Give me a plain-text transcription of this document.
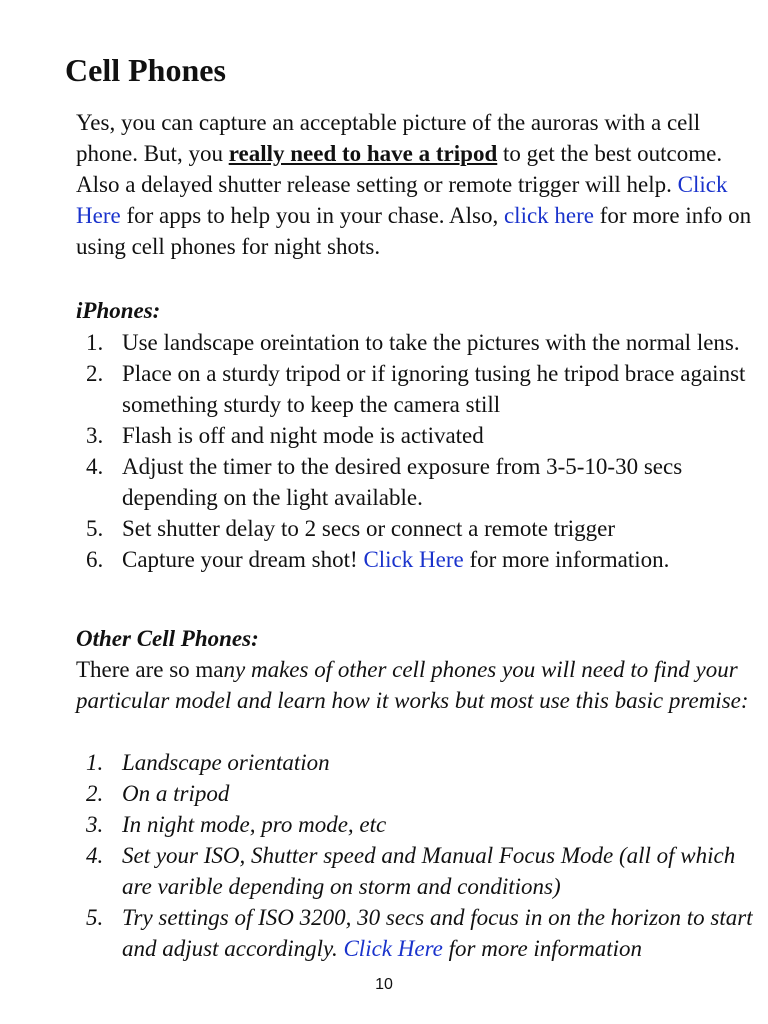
Cell Phones

Yes, you can capture an acceptable picture of the auroras with a cell phone. But, you really need to have a tripod to get the best outcome. Also a delayed shutter release setting or remote trigger will help. Click Here for apps to help you in your chase. Also, click here for more info on using cell phones for night shots.

iPhones:

1. Use landscape oreintation to take the pictures with the normal lens.
2. Place on a sturdy tripod or if ignoring tusing he tripod brace against something sturdy to keep the camera still
3. Flash is off and night mode is activated
4. Adjust the timer to the desired exposure from 3-5-10-30 secs depending on the light available.
5. Set shutter delay to 2 secs or connect a remote trigger
6. Capture your dream shot! Click Here for more information.

Other Cell Phones:

There are so many makes of other cell phones you will need to find your particular model and learn how it works but most use this basic premise:

1. Landscape orientation
2. On a tripod
3. In night mode, pro mode, etc
4. Set your ISO, Shutter speed and Manual Focus Mode (all of which are varible depending on storm and conditions)
5. Try settings of ISO 3200, 30 secs and focus in on the horizon to start and adjust accordingly. Click Here for more information
10
